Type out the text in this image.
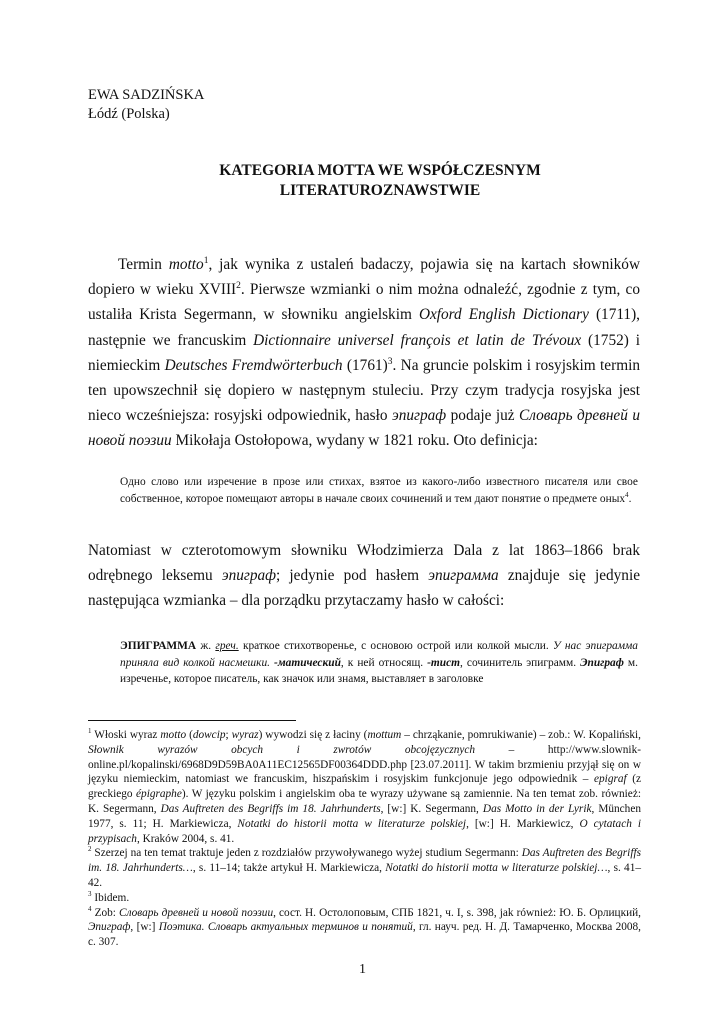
EWA SADZIŃSKA
Łódź (Polska)
KATEGORIA MOTTA WE WSPÓŁCZESNYM
LITERATUROZNAWSTWIE
Termin motto$^1$, jak wynika z ustaleń badaczy, pojawia się na kartach słowników dopiero w wieku XVIII$^2$. Pierwsze wzmianki o nim można odnaleźć, zgodnie z tym, co ustaliła Krista Segermann, w słowniku angielskim Oxford English Dictionary (1711), następnie we francuskim Dictionnaire universel françois et latin de Trévoux (1752) i niemieckim Deutsches Fremdwörterbuch $(1761)^3$. Na gruncie polskim i rosyjskim termin ten upowszechnił się dopiero w następnym stuleciu. Przy czym tradycja rosyjska jest nieco wcześniejsza: rosyjski odpowiednik, hasło эпиграф podaje już Словарь древней и новой поэзии Mikołaja Ostołopowa, wydany w 1821 roku. Oto definicja:
Одно слово или изречение в прозе или стихах, взятое из какого-либо известного писателя или свое собственное, которое помещают авторы в начале своих сочинений и тем дают понятие о предмете оных$^4$.
Natomiast w czterotomowym słowniku Włodzimierza Dala z lat 1863–1866 brak odrębnego leksemu эпиграф; jedynie pod hasłem эпиграмма znajduje się jedynie następująca wzmianka – dla porządku przytaczamy hasło w całości:
ЭПИГРАММА ж. греч. краткое стихотворенье, с основою острой или колкой мысли. У нас эпиграмма приняла вид колкой насмешки. -матический, к ней относящ. -тист, сочинитель эпиграмм. Эпиграф м. изреченье, которое писатель, как значок или знамя, выставляет в заголовке

$^1$ Włoski wyraz motto (dowcip; wyraz) wywodzi się z łaciny (mottum – chrząkanie, pomrukiwanie) – zob.: W. Kopaliński, Słownik wyrazów obcych i zwrotów obcojęzycznych – http://www.slownik-online.pl/kopalinski/6968D9D59BA0A11EC12565DF00364DDD.php [23.07.2011]. W takim brzmieniu przyjął się on w języku niemieckim, natomiast we francuskim, hiszpańskim i rosyjskim funkcjonuje jego odpowiednik – epigraf (z greckiego épigraphe). W języku polskim i angielskim oba te wyrazy używane są zamiennie. Na ten temat zob. również: K. Segermann, Das Auftreten des Begriffs im 18. Jahrhunderts, [w:] K. Segermann, Das Motto in der Lyrik, München 1977, s. 11; H. Markiewicza, Notatki do historii motta w literaturze polskiej, [w:] H. Markiewicz, O cytatach i przypisach, Kraków 2004, s. 41.

$^2$ Szerzej na ten temat traktuje jeden z rozdziałów przywoływanego wyżej studium Segermann: Das Auftreten des Begriffs im. 18. Jahrhunderts…, s. 11–14; także artykuł H. Markiewicza, Notatki do historii motta w literaturze polskiej…, s. 41–42.

$^3$ Ibidem.

$^4$ Zob: Словарь древней и новой поэзии, сост. Н. Остолоповым, СПБ 1821, ч. I, s. 398, jak również: Ю. Б. Орлицкий, Эпиграф, [w:] Поэтика. Словарь актуальных терминов и понятий, гл. науч. ред. Н. Д. Тамарченко, Москва 2008, с. 307.

1
